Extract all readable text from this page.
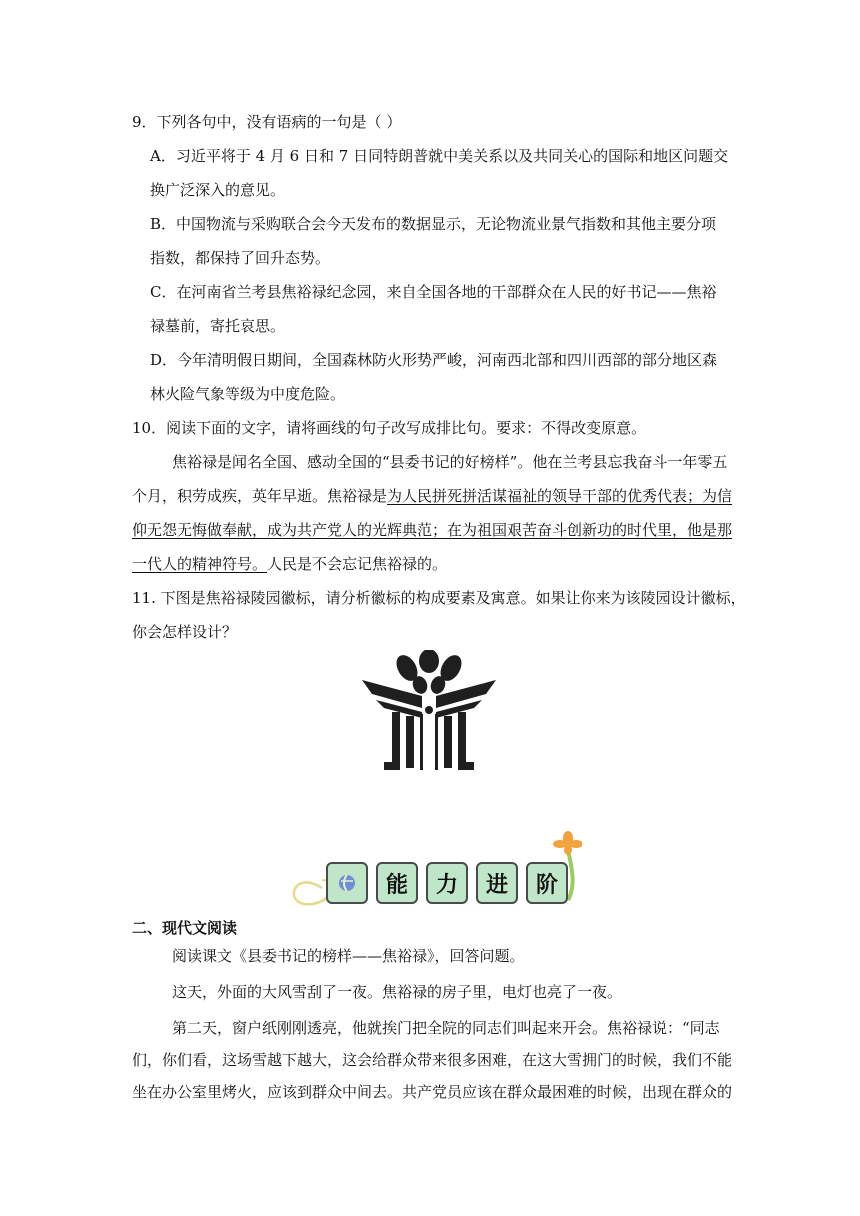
9．下列各句中，没有语病的一句是（ ）
A．习近平将于 4 月 6 日和 7 日同特朗普就中美关系以及共同关心的国际和地区问题交
换广泛深入的意见。
B．中国物流与采购联合会今天发布的数据显示，无论物流业景气指数和其他主要分项
指数，都保持了回升态势。
C．在河南省兰考县焦裕禄纪念园，来自全国各地的干部群众在人民的好书记——焦裕
禄墓前，寄托哀思。
D．今年清明假日期间，全国森林防火形势严峻，河南西北部和四川西部的部分地区森
林火险气象等级为中度危险。
10．阅读下面的文字，请将画线的句子改写成排比句。要求：不得改变原意。
焦裕禄是闻名全国、感动全国的“县委书记的好榜样”。他在兰考县忘我奋斗一年零五
个月，积劳成疾，英年早逝。焦裕禄是为人民拼死拼活谋福祉的领导干部的优秀代表；为信
仰无怨无悔做奉献，成为共产党人的光辉典范；在为祖国艰苦奋斗创新功的时代里，他是那
一代人的精神符号。人民是不会忘记焦裕禄的。
11. 下图是焦裕禄陵园徽标，请分析徽标的构成要素及寓意。如果让你来为该陵园设计徽标，
你会怎样设计？
能	力	进	阶
二、现代文阅读
阅读课文《县委书记的榜样——焦裕禄》，回答问题。
这天，外面的大风雪刮了一夜。焦裕禄的房子里，电灯也亮了一夜。
第二天，窗户纸刚刚透亮，他就挨门把全院的同志们叫起来开会。焦裕禄说：“同志
们，你们看，这场雪越下越大，这会给群众带来很多困难，在这大雪拥门的时候，我们不能
坐在办公室里烤火，应该到群众中间去。共产党员应该在群众最困难的时候，出现在群众的
